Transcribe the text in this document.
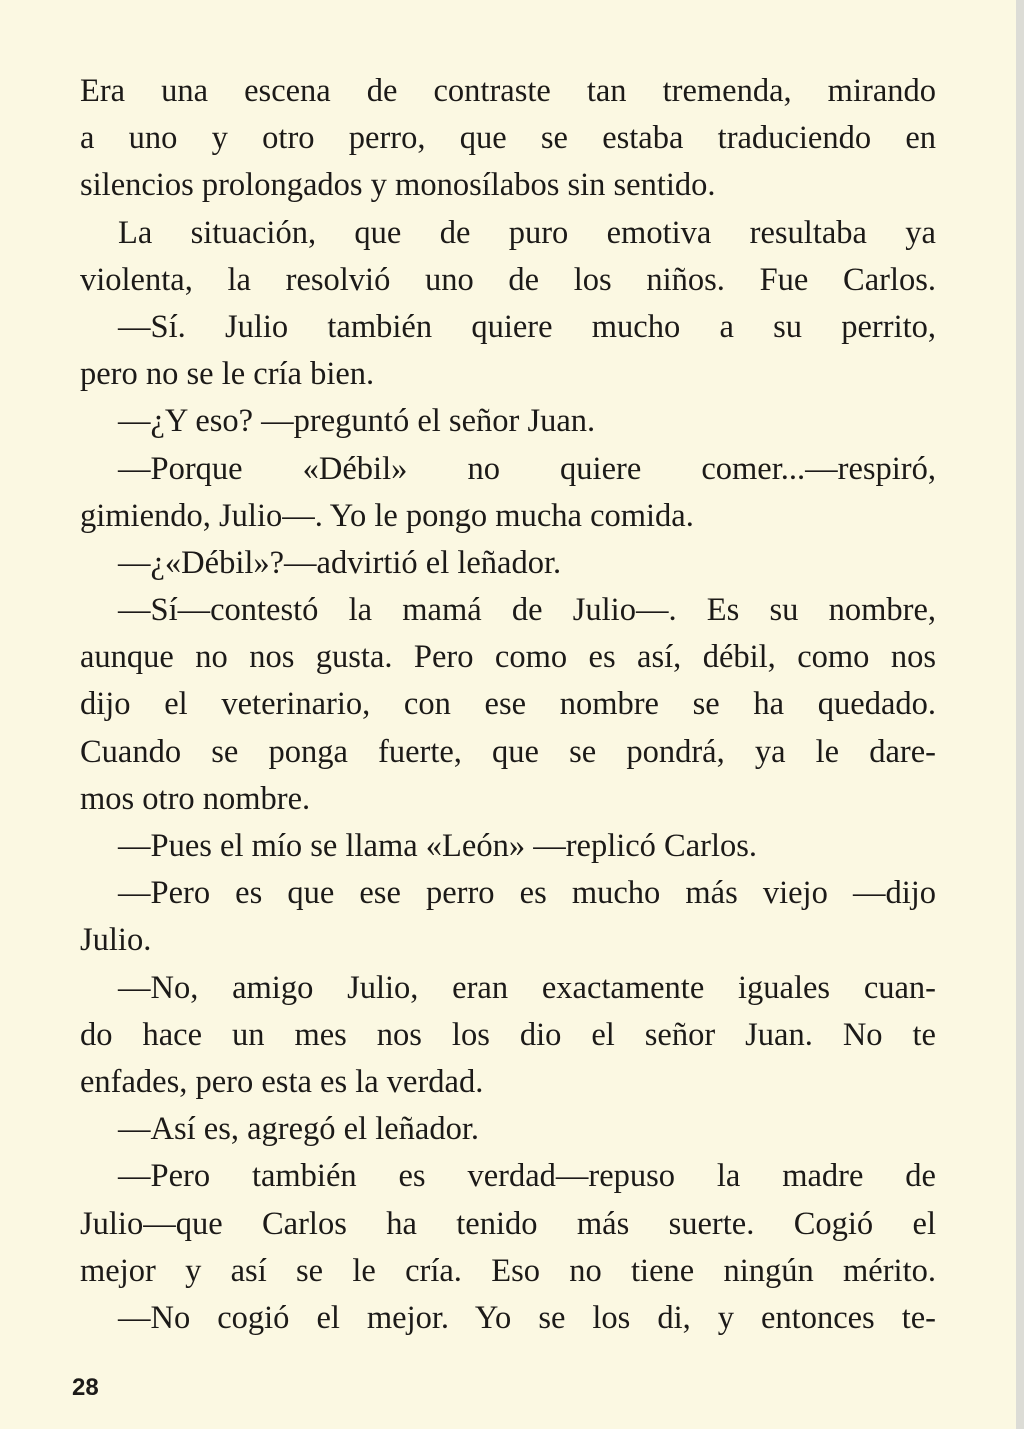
Era una escena de contraste tan tremenda, mirando
a uno y otro perro, que se estaba traduciendo en
silencios prolongados y monosílabos sin sentido.
La situación, que de puro emotiva resultaba ya
violenta, la resolvió uno de los niños. Fue Carlos.
—Sí. Julio también quiere mucho a su perrito,
pero no se le cría bien.
—¿Y eso? —preguntó el señor Juan.
—Porque «Débil» no quiere comer...—respiró,
gimiendo, Julio—. Yo le pongo mucha comida.
—¿«Débil»?—advirtió el leñador.
—Sí—contestó la mamá de Julio—. Es su nombre,
aunque no nos gusta. Pero como es así, débil, como nos
dijo el veterinario, con ese nombre se ha quedado.
Cuando se ponga fuerte, que se pondrá, ya le dare-
mos otro nombre.
—Pues el mío se llama «León» —replicó Carlos.
—Pero es que ese perro es mucho más viejo —dijo
Julio.
—No, amigo Julio, eran exactamente iguales cuan-
do hace un mes nos los dio el señor Juan. No te
enfades, pero esta es la verdad.
—Así es, agregó el leñador.
—Pero también es verdad—repuso la madre de
Julio—que Carlos ha tenido más suerte. Cogió el
mejor y así se le cría. Eso no tiene ningún mérito.
—No cogió el mejor. Yo se los di, y entonces te-
28
